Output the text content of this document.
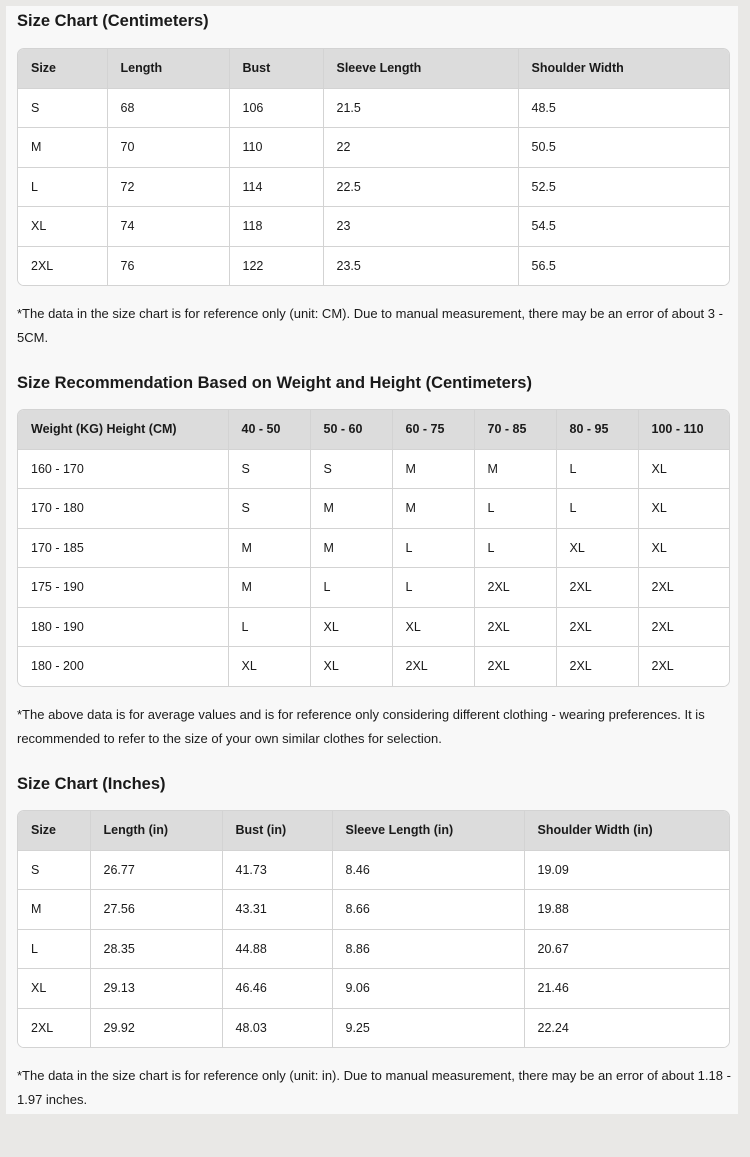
Size Chart (Centimeters)
Size	Length	Bust	Sleeve Length	Shoulder Width
S	68	106	21.5	48.5
M	70	110	22	50.5
L	72	114	22.5	52.5
XL	74	118	23	54.5
2XL	76	122	23.5	56.5

*The data in the size chart is for reference only (unit: CM). Due to manual measurement, there may be an error of about 3 - 5CM.

Size Recommendation Based on Weight and Height (Centimeters)
Weight (KG) Height (CM)	40 - 50	50 - 60	60 - 75	70 - 85	80 - 95	100 - 110
160 - 170	S	S	M	M	L	XL
170 - 180	S	M	M	L	L	XL
170 - 185	M	M	L	L	XL	XL
175 - 190	M	L	L	2XL	2XL	2XL
180 - 190	L	XL	XL	2XL	2XL	2XL
180 - 200	XL	XL	2XL	2XL	2XL	2XL

*The above data is for average values and is for reference only considering different clothing - wearing preferences. It is recommended to refer to the size of your own similar clothes for selection.

Size Chart (Inches)
Size	Length (in)	Bust (in)	Sleeve Length (in)	Shoulder Width (in)
S	26.77	41.73	8.46	19.09
M	27.56	43.31	8.66	19.88
L	28.35	44.88	8.86	20.67
XL	29.13	46.46	9.06	21.46
2XL	29.92	48.03	9.25	22.24

*The data in the size chart is for reference only (unit: in). Due to manual measurement, there may be an error of about 1.18 - 1.97 inches.
